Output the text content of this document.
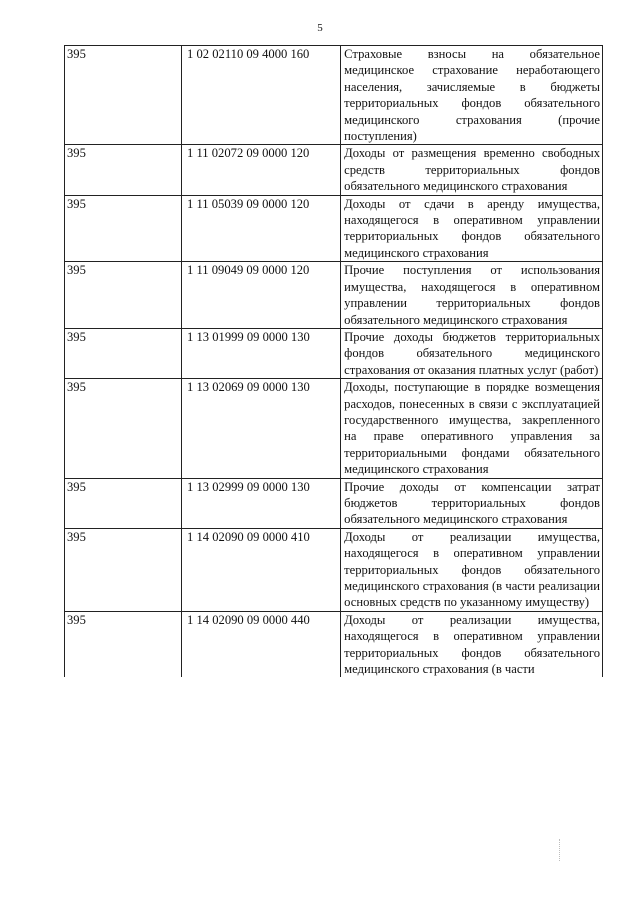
5
395	1 02 02110 09 4000 160	Страховые взносы на обязательное медицинское страхование неработающего населения, зачисляемые в бюджеты территориальных фондов обязательного медицинского страхования (прочие поступления)
395	1 11 02072 09 0000 120	Доходы от размещения временно свободных средств территориальных фондов обязательного медицинского страхования
395	1 11 05039 09 0000 120	Доходы от сдачи в аренду имущества, находящегося в оперативном управлении территориальных фондов обязательного медицинского страхования
395	1 11 09049 09 0000 120	Прочие поступления от использования имущества, находящегося в оперативном управлении территориальных фондов обязательного медицинского страхования
395	1 13 01999 09 0000 130	Прочие доходы бюджетов территориальных фондов обязательного медицинского страхования от оказания платных услуг (работ)
395	1 13 02069 09 0000 130	Доходы, поступающие в порядке возмещения расходов, понесенных в связи с эксплуатацией государственного имущества, закрепленного на праве оперативного управления за территориальными фондами обязательного медицинского страхования
395	1 13 02999 09 0000 130	Прочие доходы от компенсации затрат бюджетов территориальных фондов обязательного медицинского страхования
395	1 14 02090 09 0000 410	Доходы от реализации имущества, находящегося в оперативном управлении территориальных фондов обязательного медицинского страхования (в части реализации основных средств по указанному имуществу)
395	1 14 02090 09 0000 440	Доходы от реализации имущества, находящегося в оперативном управлении территориальных фондов обязательного медицинского страхования (в части
